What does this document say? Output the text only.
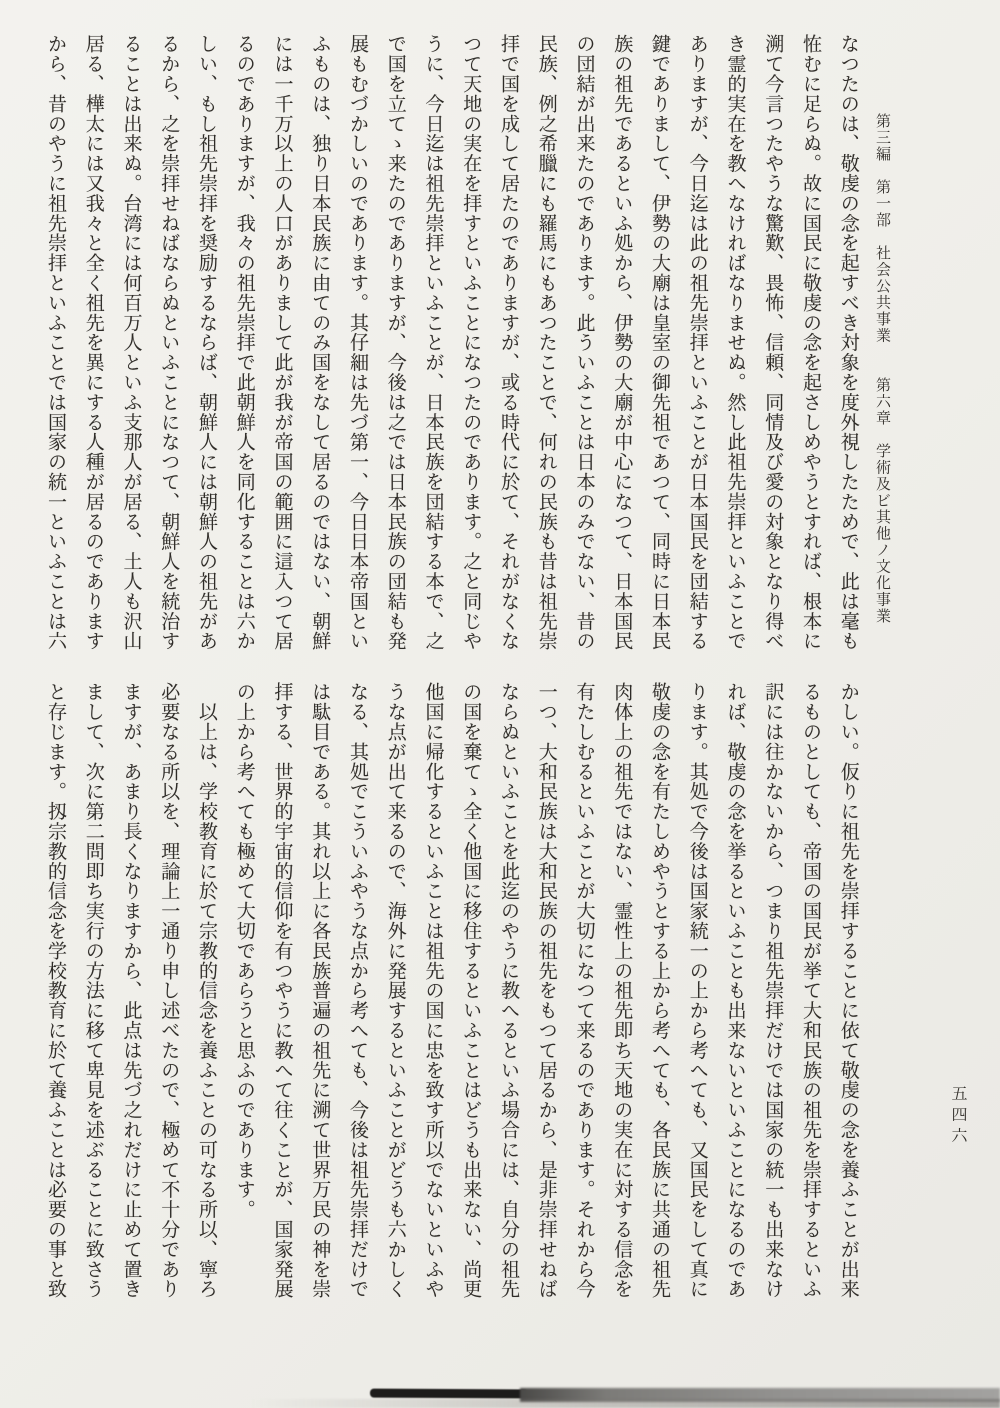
第三編　第一部　社会公共事業　　第六章　学術及ビ其他ノ文化事業
五四六
なつたのは、敬虔の念を起すべき対象を度外視したためで、此は毫も
恠むに足らぬ。故に国民に敬虔の念を起さしめやうとすれば、根本に
溯て今言つたやうな驚歎、畏怖、信頼、同情及び愛の対象となり得べ
き霊的実在を教へなければなりませぬ。然し此祖先崇拝といふことで
ありますが、今日迄は此の祖先崇拝といふことが日本国民を団結する
鍵でありまして、伊勢の大廟は皇室の御先祖であつて、同時に日本民
族の祖先であるといふ処から、伊勢の大廟が中心になつて、日本国民
の団結が出来たのであります。此ういふことは日本のみでない、昔の
民族、例之希臘にも羅馬にもあつたことで、何れの民族も昔は祖先崇
拝で国を成して居たのでありますが、或る時代に於て、それがなくな
つて天地の実在を拝すといふことになつたのであります。之と同じや
うに、今日迄は祖先崇拝といふことが、日本民族を団結する本で、之
で国を立てゝ来たのでありますが、今後は之では日本民族の団結も発
展もむづかしいのであります。其仔細は先づ第一、今日日本帝国とい
ふものは、独り日本民族に由てのみ国をなして居るのではない、朝鮮
には一千万以上の人口がありまして此が我が帝国の範囲に這入つて居
るのでありますが、我々の祖先崇拝で此朝鮮人を同化することは六か
しい、もし祖先崇拝を奨励するならば、朝鮮人には朝鮮人の祖先があ
るから、之を崇拝せねばならぬといふことになつて、朝鮮人を統治す
ることは出来ぬ。台湾には何百万人といふ支那人が居る、土人も沢山
居る、樺太には又我々と全く祖先を異にする人種が居るのであります
から、昔のやうに祖先崇拝といふことでは国家の統一といふことは六
かしい。仮りに祖先を崇拝することに依て敬虔の念を養ふことが出来
るものとしても、帝国の国民が挙て大和民族の祖先を崇拝するといふ
訳には往かないから、つまり祖先崇拝だけでは国家の統一も出来なけ
れば、敬虔の念を挙るといふことも出来ないといふことになるのであ
ります。其処で今後は国家統一の上から考へても、又国民をして真に
敬虔の念を有たしめやうとする上から考へても、各民族に共通の祖先
肉体上の祖先ではない、霊性上の祖先即ち天地の実在に対する信念を
有たしむるといふことが大切になつて来るのであります。それから今
一つ、大和民族は大和民族の祖先をもつて居るから、是非崇拝せねば
ならぬといふことを此迄のやうに教へるといふ場合には、自分の祖先
の国を棄てゝ全く他国に移住するといふことはどうも出来ない、尚更
他国に帰化するといふことは祖先の国に忠を致す所以でないといふや
うな点が出て来るので、海外に発展するといふことがどうも六かしく
なる、其処でこういふやうな点から考へても、今後は祖先崇拝だけで
は駄目である。其れ以上に各民族普遍の祖先に溯て世界万民の神を崇
拝する、世界的宇宙的信仰を有つやうに教へて往くことが、国家発展
の上から考へても極めて大切であらうと思ふのであります。
　以上は、学校教育に於て宗教的信念を養ふことの可なる所以、寧ろ
必要なる所以を、理論上一通り申し述べたので、極めて不十分であり
ますが、あまり長くなりますから、此点は先づ之れだけに止めて置き
まして、次に第二問即ち実行の方法に移て卑見を述ぶることに致さう
と存じます。扨宗教的信念を学校教育に於て養ふことは必要の事と致
